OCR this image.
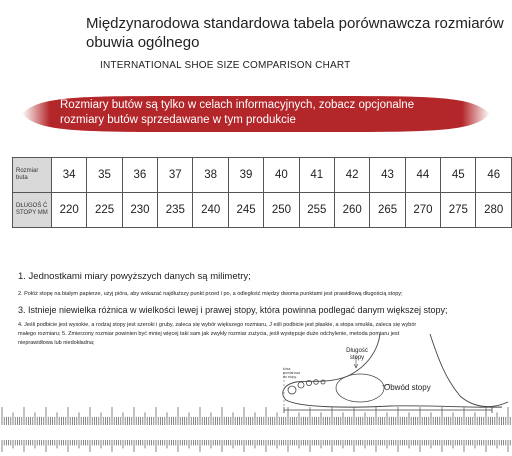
Międzynarodowa standardowa tabela porównawcza rozmiarów obuwia ogólnego
INTERNATIONAL SHOE SIZE COMPARISON CHART
Rozmiary butów są tylko w celach informacyjnych, zobacz opcjonalne rozmiary butów sprzedawane w tym produkcie
Rozmiar buta	34	35	36	37	38	39	40	41	42	43	44	45	46
DŁUGOŚ Ć STOPY MM	220	225	230	235	240	245	250	255	260	265	270	275	280
1. Jednostkami miary powyższych danych są milimetry;
2. Połóż stopę na białym papierze, użyj pióra, aby wskazać najdłuższy punkt przed i po, a odległość między dwoma punktami jest prawidłową długością stopy;
3. Istnieje niewielka różnica w wielkości lewej i prawej stopy, która powinna podlegać danym większej stopy;
4. Jeśli podbicie jest wysokie, a rodzaj stopy jest szeroki i gruby, zaleca się wybór większego rozmiaru, J eśli podbicie jest płaskie, a stopa smukła, zaleca się wybór małego rozmiaru; 5. Zmierzony rozmiar powinien być mniej więcej taki sam jak zwykły rozmiar zużycia, jeśli występuje duże odchylenie, metoda pomiaru jest nieprawidłowa lub niedokładna;
Długość stopy
Linia pomiarowa do stopy
Obwód stopy
